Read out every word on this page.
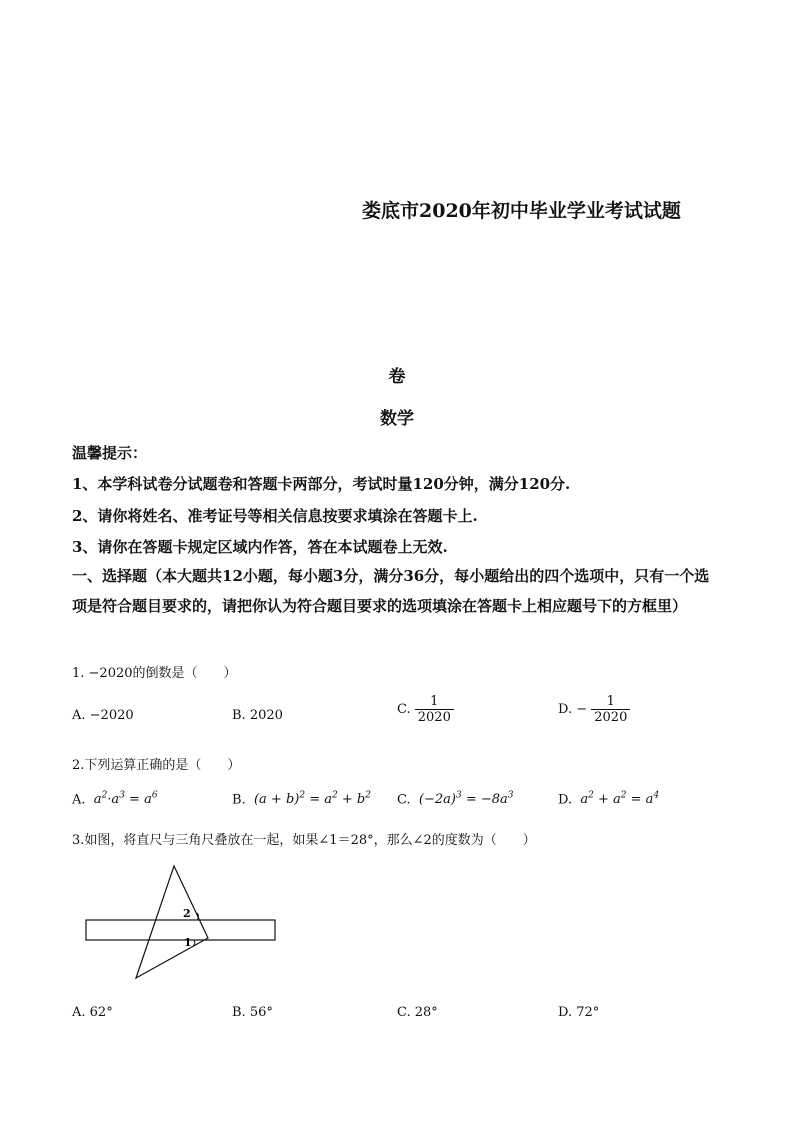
娄底市2020年初中毕业学业考试试题
卷
数学
温馨提示：
1、本学科试卷分试题卷和答题卡两部分，考试时量120分钟，满分120分.
2、请你将姓名、准考证号等相关信息按要求填涂在答题卡上.
3、请你在答题卡规定区域内作答，答在本试题卷上无效.
一、选择题（本大题共12小题，每小题3分，满分36分，每小题给出的四个选项中，只有一个选项是符合题目要求的，请把你认为符合题目要求的选项填涂在答题卡上相应题号下的方框里）
1. −2020的倒数是（　　）
A. −2020	B. 2020	C. $\frac{1}{2020}$	D. − $\frac{1}{2020}$
2.下列运算正确的是（　　）
A.  $a^2\cdot a^3 = a^6$	B.  $(a + b)^2 = a^2 + b^2$ C.  $(-2a)^3 = -8a^3$	D.  $a^2 + a^2 = a^4$
3.如图，将直尺与三角尺叠放在一起，如果∠1＝28°，那么∠2的度数为（　　）
2
1
A. 62°	B. 56°	C. 28°	D. 72°
